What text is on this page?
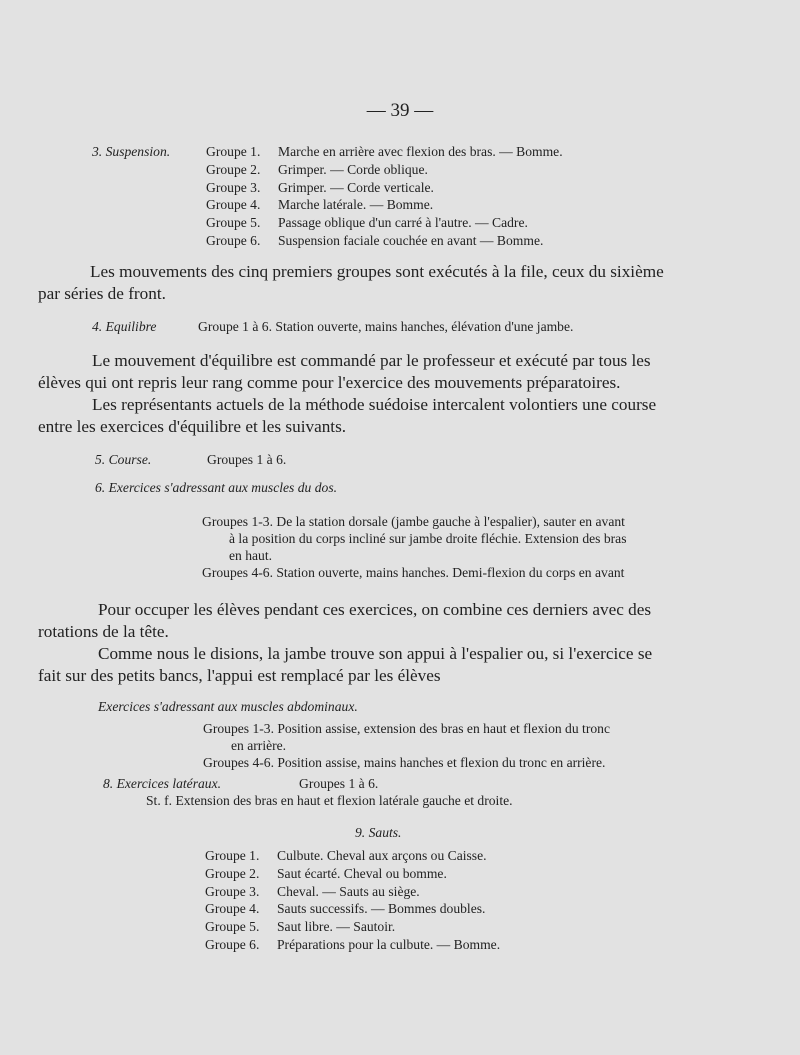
— 39 —
3. Suspension.	Groupe 1.	Marche en arrière avec flexion des bras. — Bomme.
Groupe 2.	Grimper. — Corde oblique.
Groupe 3.	Grimper. — Corde verticale.
Groupe 4.	Marche latérale. — Bomme.
Groupe 5.	Passage oblique d'un carré à l'autre. — Cadre.
Groupe 6.	Suspension faciale couchée en avant — Bomme.
Les mouvements des cinq premiers groupes sont exécutés à la file, ceux du sixième
par séries de front.
4. Equilibre	Groupe 1 à 6. Station ouverte, mains hanches, élévation d'une jambe.
Le mouvement d'équilibre est commandé par le professeur et exécuté par tous les
élèves qui ont repris leur rang comme pour l'exercice des mouvements préparatoires.
Les représentants actuels de la méthode suédoise intercalent volontiers une course
entre les exercices d'équilibre et les suivants.
5. Course.	Groupes 1 à 6.
6. Exercices s'adressant aux muscles du dos.
Groupes 1-3. De la station dorsale (jambe gauche à l'espalier), sauter en avant
à la position du corps incliné sur jambe droite fléchie. Extension des bras
en haut.
Groupes 4-6. Station ouverte, mains hanches. Demi-flexion du corps en avant
Pour occuper les élèves pendant ces exercices, on combine ces derniers avec des
rotations de la tête.
Comme nous le disions, la jambe trouve son appui à l'espalier ou, si l'exercice se
fait sur des petits bancs, l'appui est remplacé par les élèves
Exercices s'adressant aux muscles abdominaux.
Groupes 1-3. Position assise, extension des bras en haut et flexion du tronc
en arrière.
Groupes 4-6. Position assise, mains hanches et flexion du tronc en arrière.
8. Exercices latéraux.	Groupes 1 à 6.
St. f. Extension des bras en haut et flexion latérale gauche et droite.
9. Sauts.
Groupe 1.	Culbute. Cheval aux arçons ou Caisse.
Groupe 2.	Saut écarté. Cheval ou bomme.
Groupe 3.	Cheval. — Sauts au siège.
Groupe 4.	Sauts successifs. — Bommes doubles.
Groupe 5.	Saut libre. — Sautoir.
Groupe 6.	Préparations pour la culbute. — Bomme.
